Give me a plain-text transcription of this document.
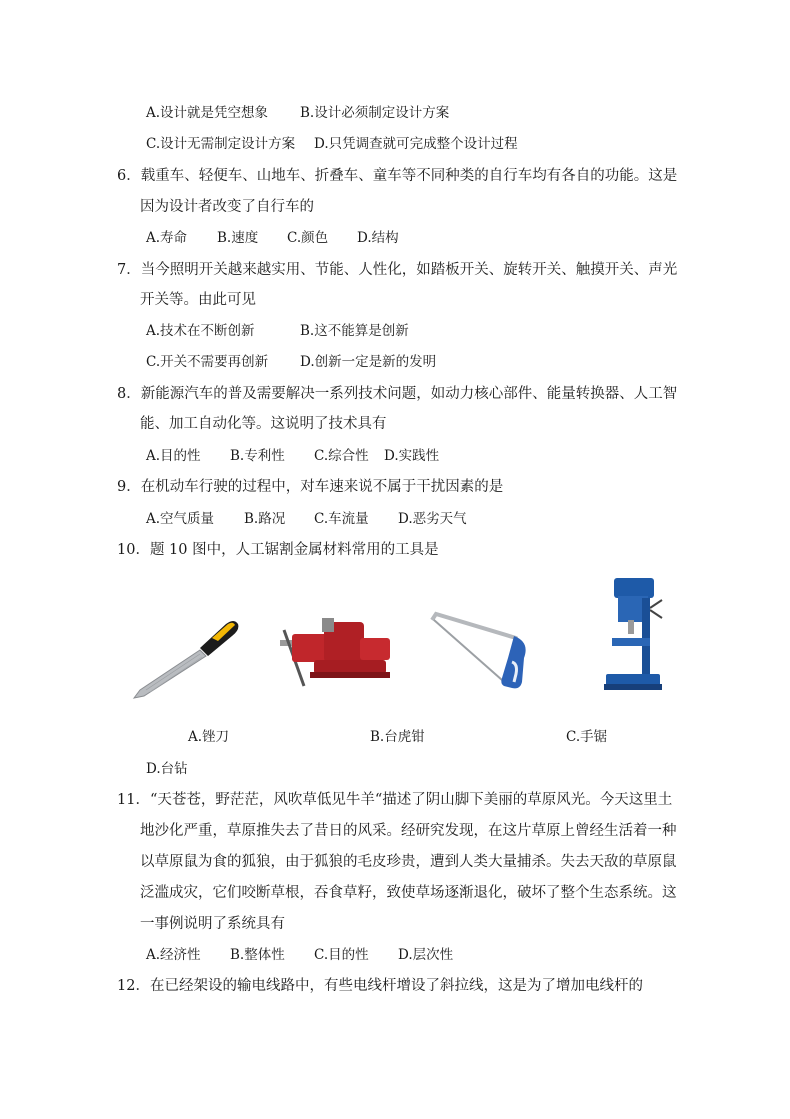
A.设计就是凭空想象 B.设计必须制定设计方案
C.设计无需制定设计方案 D.只凭调查就可完成整个设计过程
6．载重车、轻便车、山地车、折叠车、童车等不同种类的自行车均有各自的功能。这是
因为设计者改变了自行车的
A.寿命 B.速度 C.颜色 D.结构
7．当今照明开关越来越实用、节能、人性化，如踏板开关、旋转开关、触摸开关、声光
开关等。由此可见
A.技术在不断创新	B.这不能算是创新
C.开关不需要再创新 D.创新一定是新的发明
8．新能源汽车的普及需要解决一系列技术问题，如动力核心部件、能量转换器、人工智
能、加工自动化等。这说明了技术具有
A.目的性 B.专利性 C.综合性 D.实践性
9．在机动车行驶的过程中，对车速来说不属于干扰因素的是
A.空气质量 B.路况 C.车流量 D.恶劣天气
10．题 10 图中，人工锯割金属材料常用的工具是
A.锉刀	B.台虎钳	C.手锯
D.台钻
11．“天苍苍，野茫茫，风吹草低见牛羊“描述了阴山脚下美丽的草原风光。今天这里土
地沙化严重，草原推失去了昔日的风采。经研究发现，在这片草原上曾经生活着一种
以草原鼠为食的狐狼，由于狐狼的毛皮珍贵，遭到人类大量捕杀。失去天敌的草原鼠
泛滥成灾，它们咬断草根，吞食草籽，致使草场逐渐退化，破坏了整个生态系统。这
一事例说明了系统具有
A.经济性 B.整体性 C.目的性 D.层次性
12．在已经架设的输电线路中，有些电线杆增设了斜拉线，这是为了增加电线杆的
